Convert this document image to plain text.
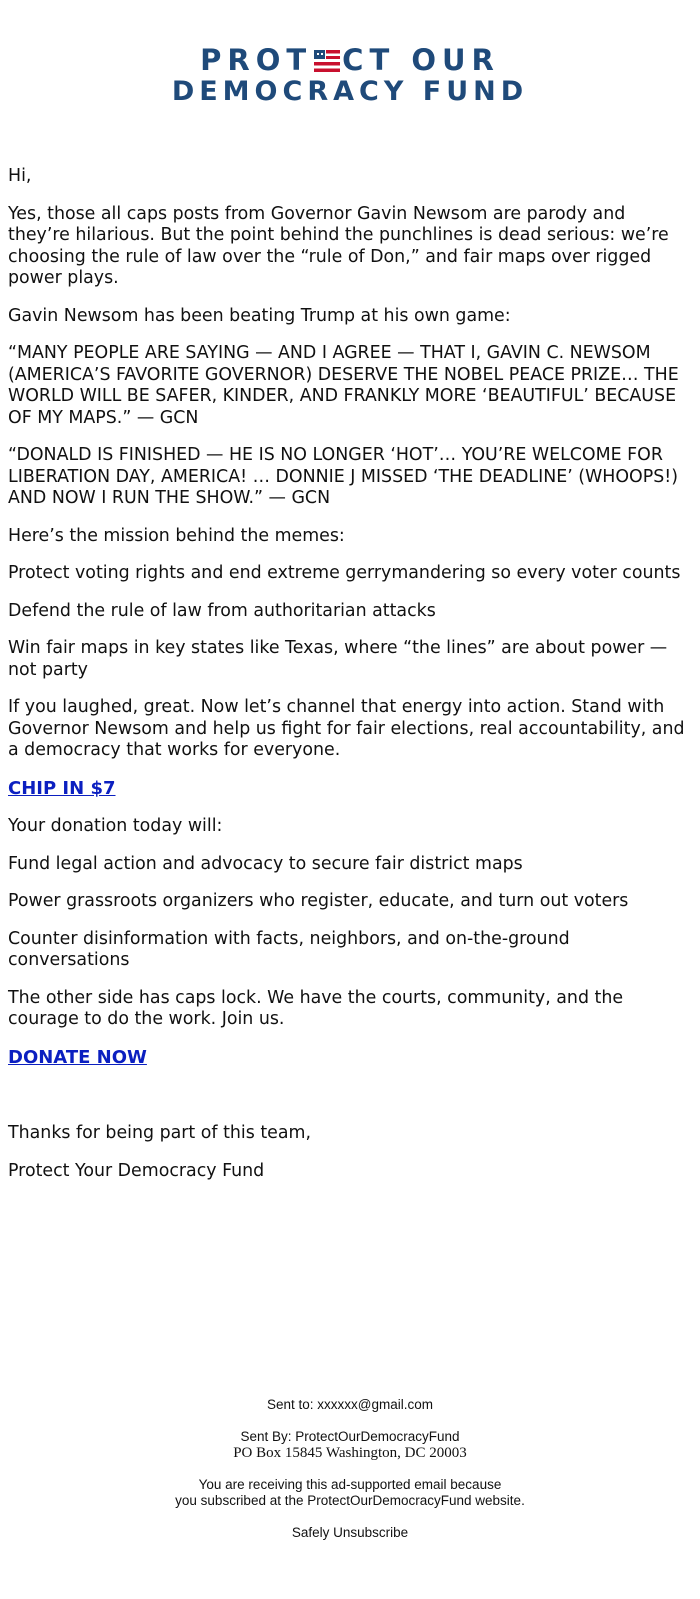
PROT CT OUR
DEMOCRACY FUND

Hi,

Yes, those all caps posts from Governor Gavin Newsom are parody and they’re hilarious. But the point behind the punchlines is dead serious: we’re choosing the rule of law over the “rule of Don,” and fair maps over rigged power plays.

Gavin Newsom has been beating Trump at his own game:

“MANY PEOPLE ARE SAYING — AND I AGREE — THAT I, GAVIN C. NEWSOM (AMERICA’S FAVORITE GOVERNOR) DESERVE THE NOBEL PEACE PRIZE… THE WORLD WILL BE SAFER, KINDER, AND FRANKLY MORE ‘BEAUTIFUL’ BECAUSE OF MY MAPS.” — GCN

“DONALD IS FINISHED — HE IS NO LONGER ‘HOT’… YOU’RE WELCOME FOR LIBERATION DAY, AMERICA! … DONNIE J MISSED ‘THE DEADLINE’ (WHOOPS!) AND NOW I RUN THE SHOW.” — GCN

Here’s the mission behind the memes:

Protect voting rights and end extreme gerrymandering so every voter counts

Defend the rule of law from authoritarian attacks

Win fair maps in key states like Texas, where “the lines” are about power — not party

If you laughed, great. Now let’s channel that energy into action. Stand with Governor Newsom and help us fight for fair elections, real accountability, and a democracy that works for everyone.

CHIP IN $7

Your donation today will:

Fund legal action and advocacy to secure fair district maps

Power grassroots organizers who register, educate, and turn out voters

Counter disinformation with facts, neighbors, and on-the-ground conversations

The other side has caps lock. We have the courts, community, and the courage to do the work. Join us.

DONATE NOW

Thanks for being part of this team,

Protect Your Democracy Fund

Sent to: xxxxxx@gmail.com
Sent By: ProtectOurDemocracyFund
PO Box 15845 Washington, DC 20003
You are receiving this ad-supported email because
you subscribed at the ProtectOurDemocracyFund website.
Safely Unsubscribe
